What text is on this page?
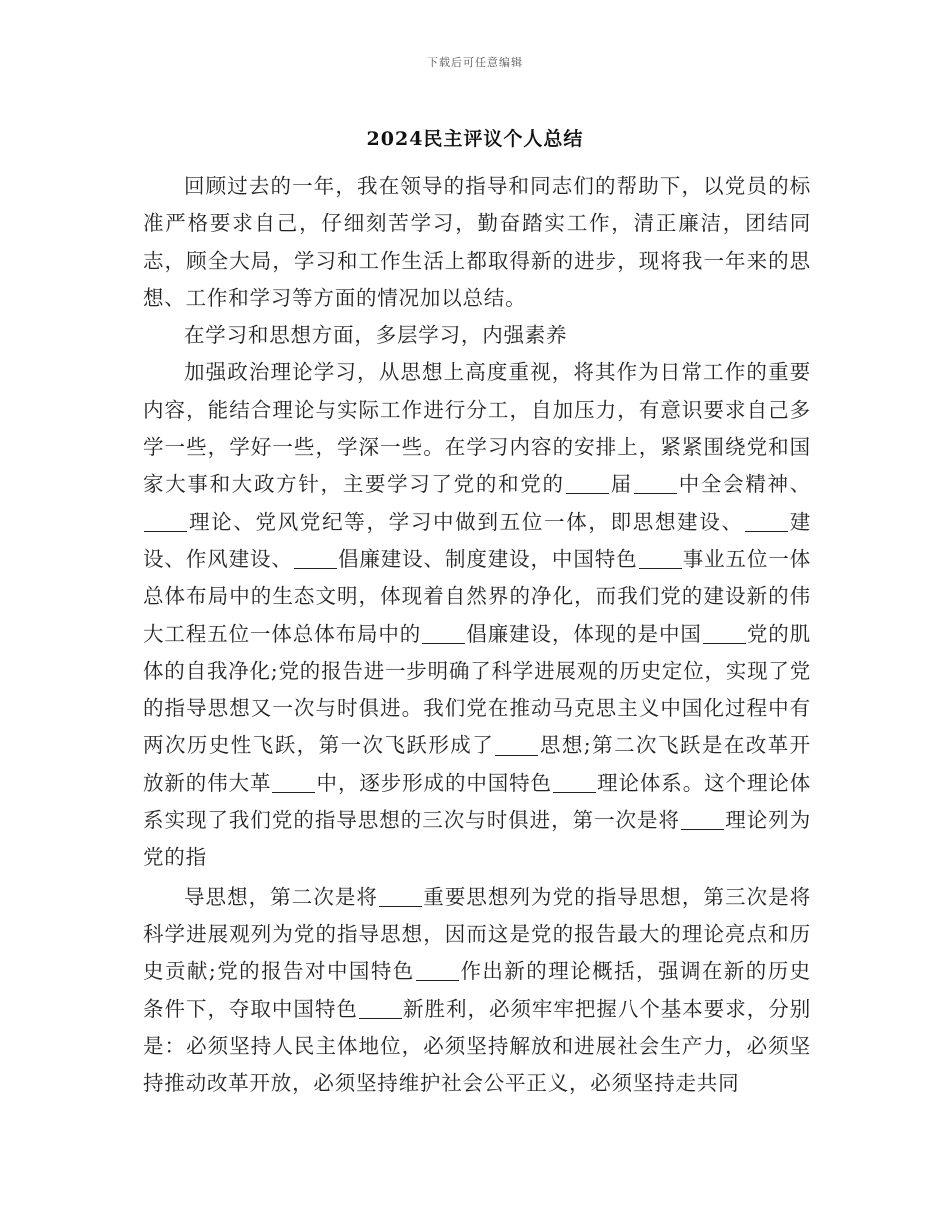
下载后可任意编辑
2024民主评议个人总结

回顾过去的一年，我在领导的指导和同志们的帮助下，以党员的标准严格要求自己，仔细刻苦学习，勤奋踏实工作，清正廉洁，团结同志，顾全大局，学习和工作生活上都取得新的进步，现将我一年来的思想、工作和学习等方面的情况加以总结。

在学习和思想方面，多层学习，内强素养

加强政治理论学习，从思想上高度重视，将其作为日常工作的重要内容，能结合理论与实际工作进行分工，自加压力，有意识要求自己多学一些，学好一些，学深一些。在学习内容的安排上，紧紧围绕党和国家大事和大政方针，主要学习了党的和党的 届 中全会精神、理论、党风党纪等，学习中做到五位一体，即思想建设、 建设、作风建设、 倡廉建设、制度建设，中国特色 事业五位一体总体布局中的生态文明，体现着自然界的净化，而我们党的建设新的伟大工程五位一体总体布局中的 倡廉建设，体现的是中国 党的肌体的自我净化;党的报告进一步明确了科学进展观的历史定位，实现了党的指导思想又一次与时俱进。我们党在推动马克思主义中国化过程中有两次历史性飞跃，第一次飞跃形成了 思想;第二次飞跃是在改革开放新的伟大革 中，逐步形成的中国特色 理论体系。这个理论体系实现了我们党的指导思想的三次与时俱进，第一次是将 理论列为党的指

导思想，第二次是将 重要思想列为党的指导思想，第三次是将科学进展观列为党的指导思想，因而这是党的报告最大的理论亮点和历史贡献;党的报告对中国特色 作出新的理论概括，强调在新的历史条件下，夺取中国特色 新胜利，必须牢牢把握八个基本要求，分别是：必须坚持人民主体地位，必须坚持解放和进展社会生产力，必须坚持推动改革开放，必须坚持维护社会公平正义，必须坚持走共同
